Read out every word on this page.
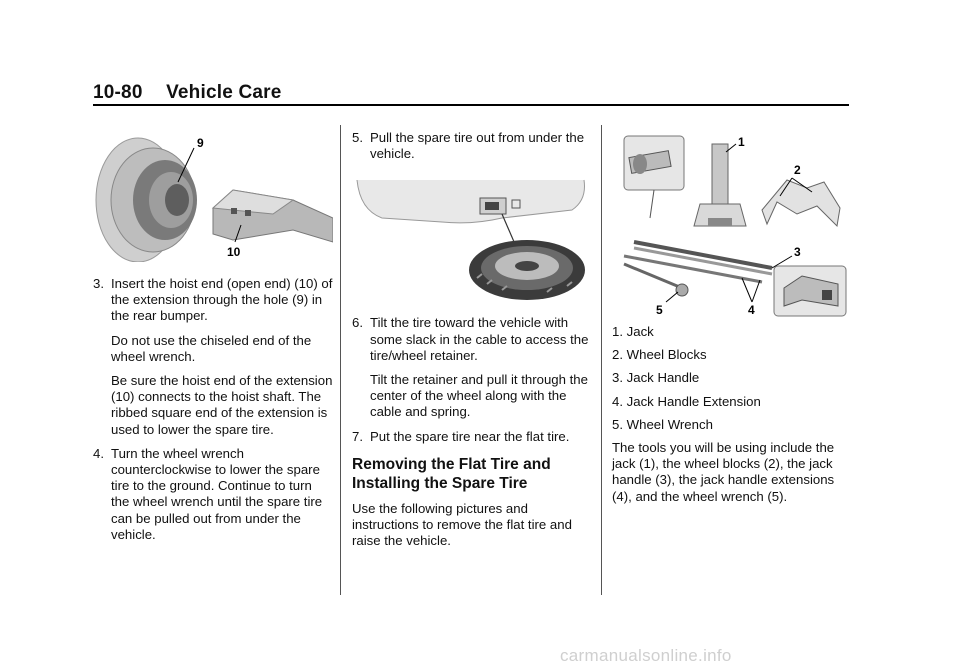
10-80 Vehicle Care
9
10
3. Insert the hoist end (open end) (10) of the extension through the hole (9) in the rear bumper.
Do not use the chiseled end of the wheel wrench.
Be sure the hoist end of the extension (10) connects to the hoist shaft. The ribbed square end of the extension is used to lower the spare tire.
4. Turn the wheel wrench counterclockwise to lower the spare tire to the ground. Continue to turn the wheel wrench until the spare tire can be pulled out from under the vehicle.
5. Pull the spare tire out from under the vehicle.
6. Tilt the tire toward the vehicle with some slack in the cable to access the tire/wheel retainer.
Tilt the retainer and pull it through the center of the wheel along with the cable and spring.
7. Put the spare tire near the flat tire.
Removing the Flat Tire and Installing the Spare Tire
Use the following pictures and instructions to remove the flat tire and raise the vehicle.
1
2
3
4
5
1. Jack
2. Wheel Blocks
3. Jack Handle
4. Jack Handle Extension
5. Wheel Wrench
The tools you will be using include the jack (1), the wheel blocks (2), the jack handle (3), the jack handle extensions (4), and the wheel wrench (5).
carmanualsonline.info
